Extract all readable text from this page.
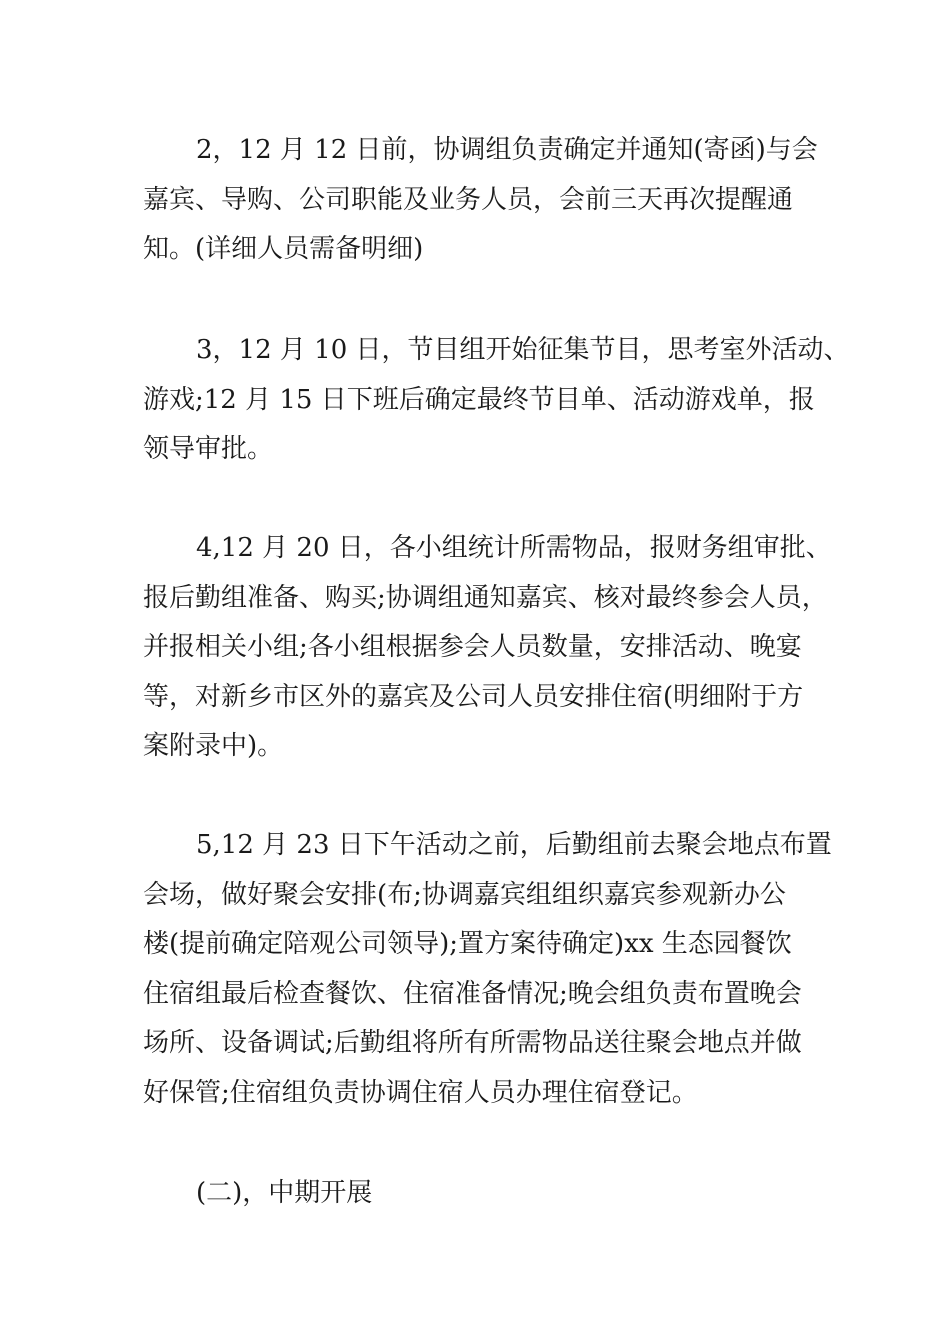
2，12 月 12 日前，协调组负责确定并通知(寄函)与会
嘉宾、导购、公司职能及业务人员，会前三天再次提醒通
知。(详细人员需备明细)

3，12 月 10 日，节目组开始征集节目，思考室外活动、
游戏;12 月 15 日下班后确定最终节目单、活动游戏单，报
领导审批。

4,12 月 20 日，各小组统计所需物品，报财务组审批、
报后勤组准备、购买;协调组通知嘉宾、核对最终参会人员，
并报相关小组;各小组根据参会人员数量，安排活动、晚宴
等，对新乡市区外的嘉宾及公司人员安排住宿(明细附于方
案附录中)。

5,12 月 23 日下午活动之前，后勤组前去聚会地点布置
会场，做好聚会安排(布;协调嘉宾组组织嘉宾参观新办公
楼(提前确定陪观公司领导);置方案待确定)xx 生态园餐饮
住宿组最后检查餐饮、住宿准备情况;晚会组负责布置晚会
场所、设备调试;后勤组将所有所需物品送往聚会地点并做
好保管;住宿组负责协调住宿人员办理住宿登记。

(二)，中期开展
